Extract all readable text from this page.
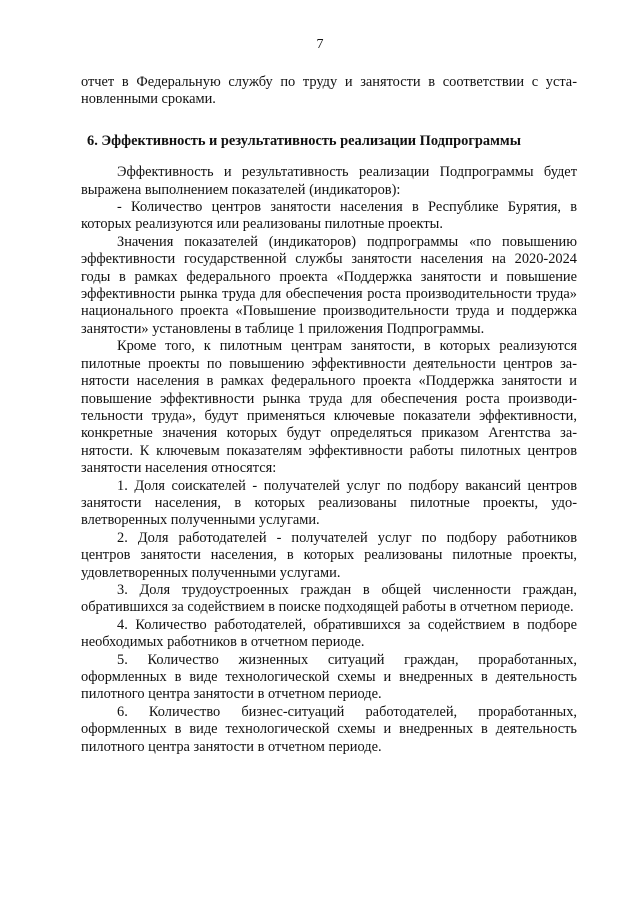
7

отчет в Федеральную службу по труду и занятости в соответствии с установленными сроками.

6. Эффективность и результативность реализации Подпрограммы

Эффективность и результативность реализации Подпрограммы будет выражена выполнением показателей (индикаторов):

- Количество центров занятости населения в Республике Бурятия, в которых реализуются или реализованы пилотные проекты.

Значения показателей (индикаторов) подпрограммы «по повышению эффективности государственной службы занятости населения на 2020-2024 годы в рамках федерального проекта «Поддержка занятости и повышение эффективности рынка труда для обеспечения роста производительности труда» национального проекта «Повышение производительности труда и поддержка занятости» установлены в таблице 1 приложения Подпрограммы.

Кроме того, к пилотным центрам занятости, в которых реализуются пилотные проекты по повышению эффективности деятельности центров занятости населения в рамках федерального проекта «Поддержка занятости и повышение эффективности рынка труда для обеспечения роста производительности труда», будут применяться ключевые показатели эффективности, конкретные значения которых будут определяться приказом Агентства занятости. К ключевым показателям эффективности работы пилотных центров занятости населения относятся:

1. Доля соискателей - получателей услуг по подбору вакансий центров занятости населения, в которых реализованы пилотные проекты, удовлетворенных полученными услугами.

2. Доля работодателей - получателей услуг по подбору работников центров занятости населения, в которых реализованы пилотные проекты, удовлетворенных полученными услугами.

3. Доля трудоустроенных граждан в общей численности граждан, обратившихся за содействием в поиске подходящей работы в отчетном периоде.

4. Количество работодателей, обратившихся за содействием в подборе необходимых работников в отчетном периоде.

5. Количество жизненных ситуаций граждан, проработанных, оформленных в виде технологической схемы и внедренных в деятельность пилотного центра занятости в отчетном периоде.

6. Количество бизнес-ситуаций работодателей, проработанных, оформленных в виде технологической схемы и внедренных в деятельность пилотного центра занятости в отчетном периоде.
